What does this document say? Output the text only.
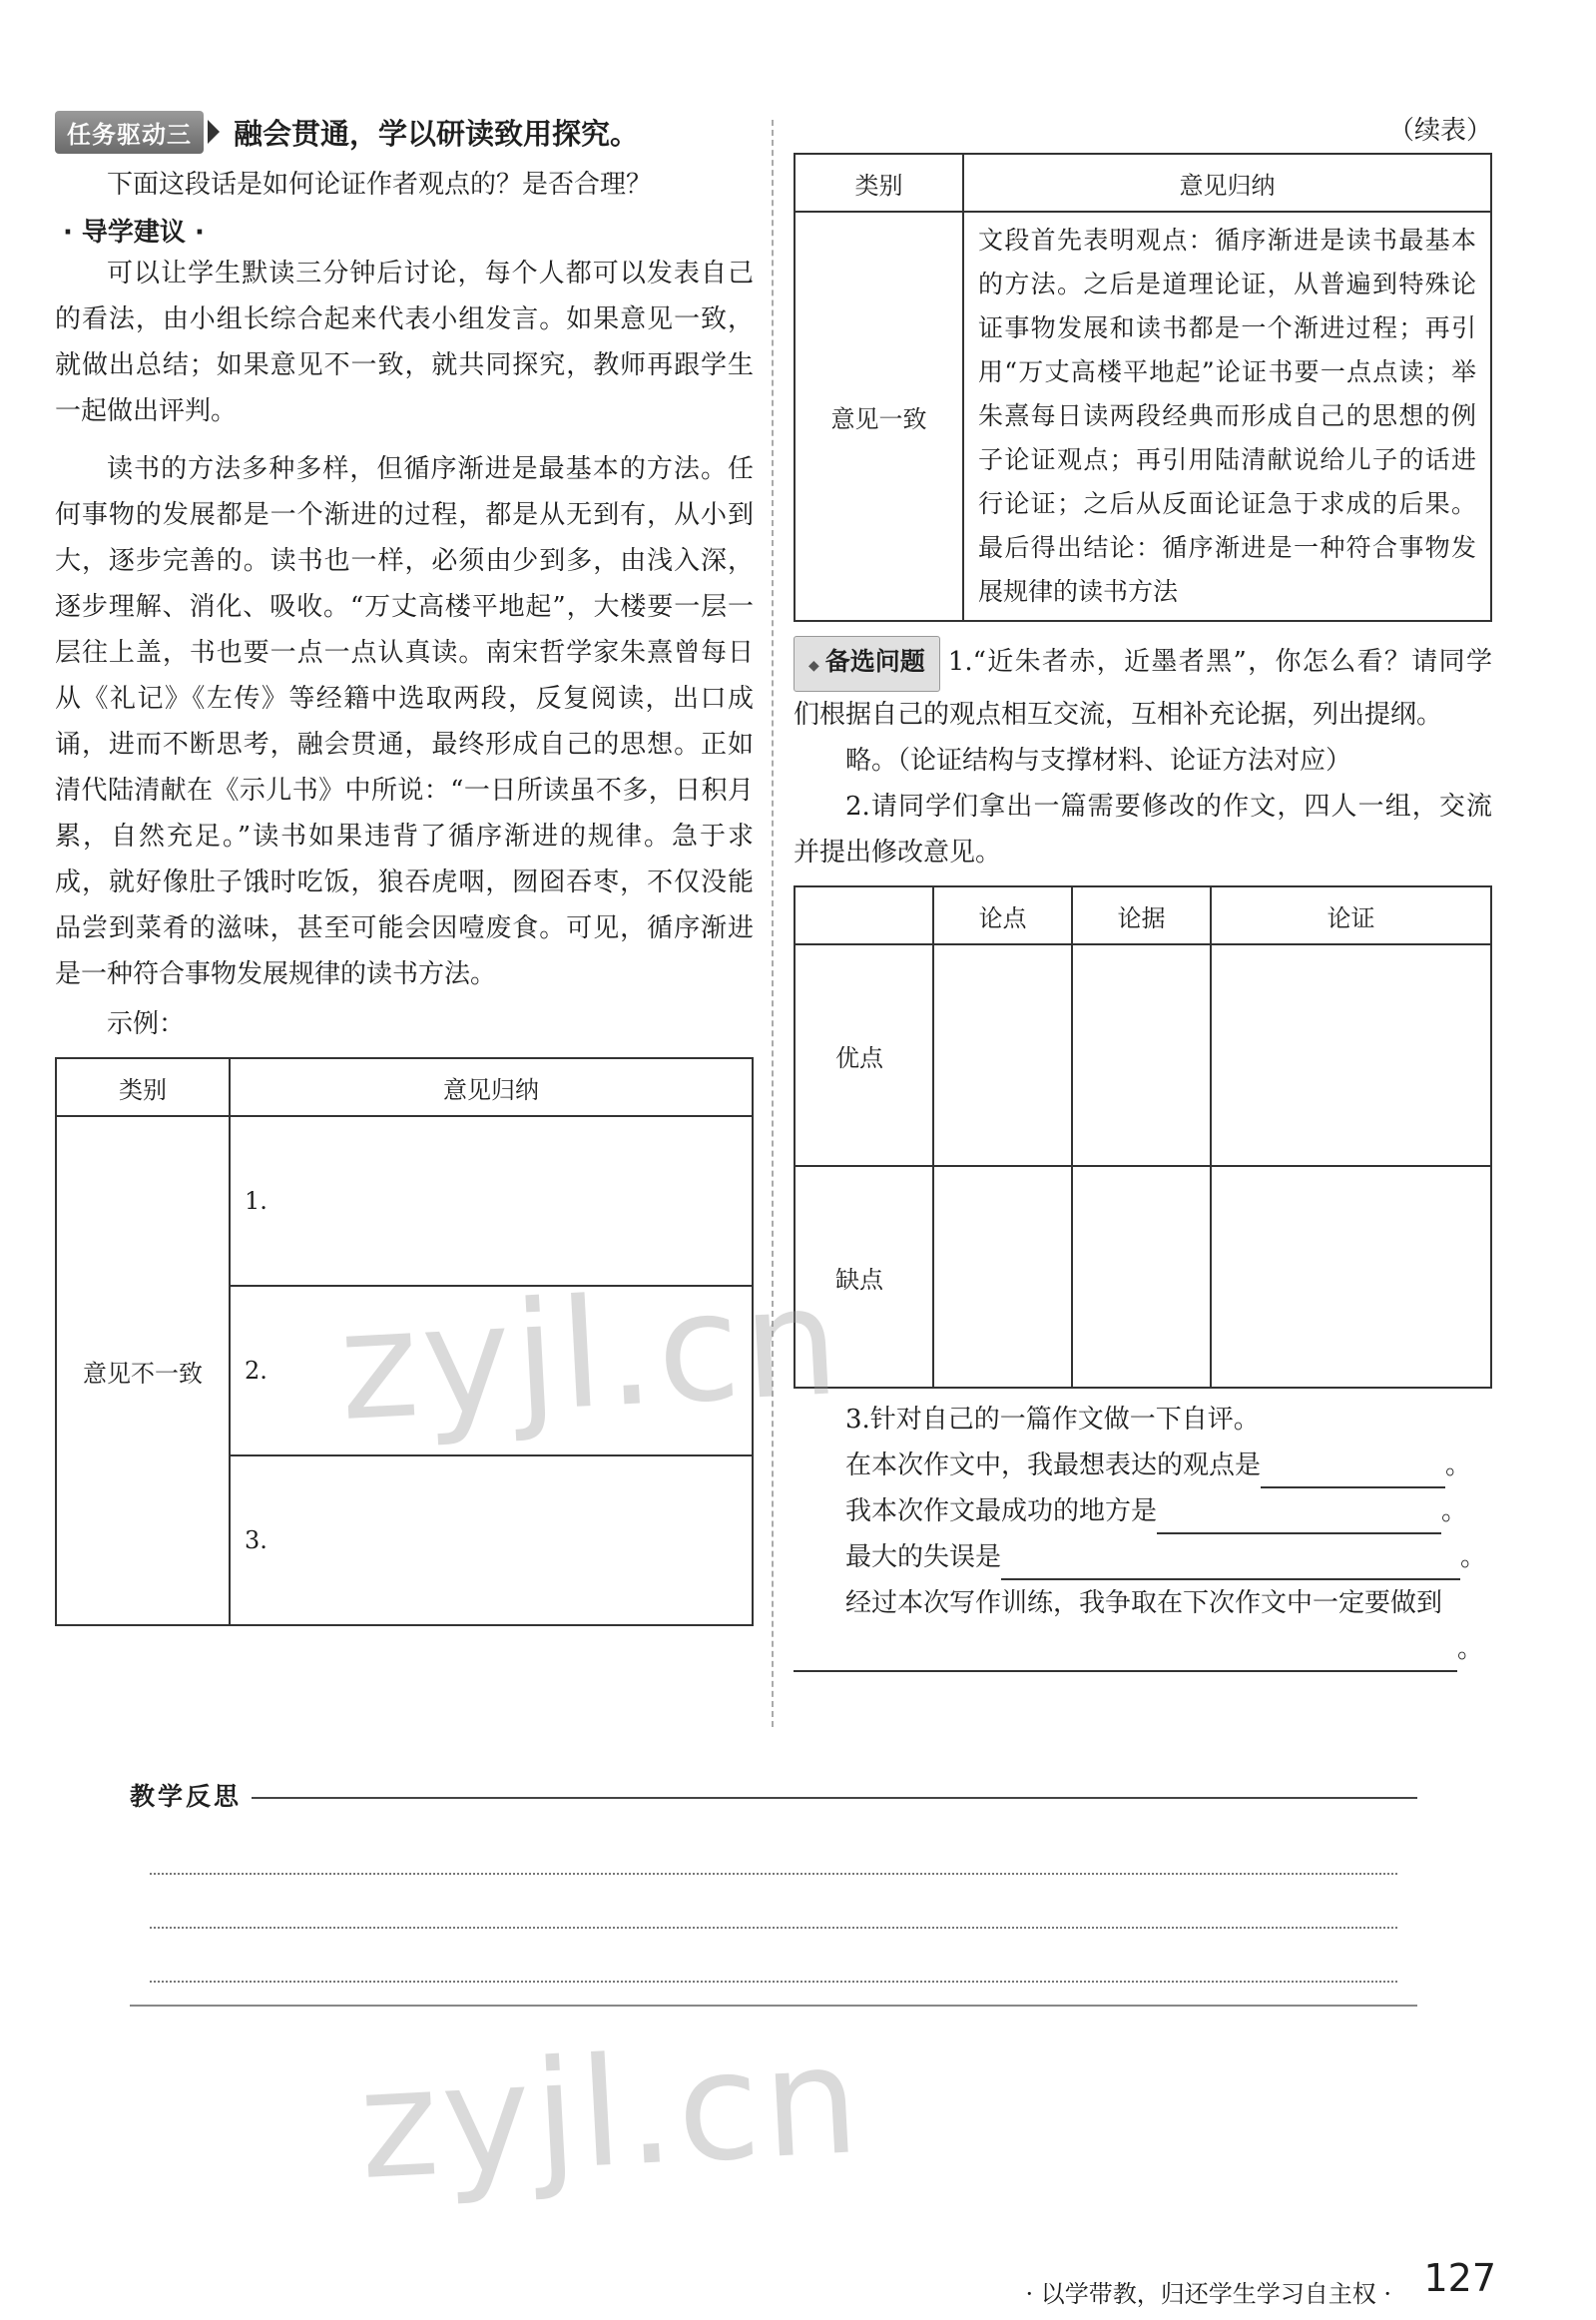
任务驱动三	融会贯通，学以研读致用探究。

下面这段话是如何论证作者观点的？是否合理？

· 导学建议 ·

可以让学生默读三分钟后讨论，每个人都可以发表自己的看法，由小组长综合起来代表小组发言。如果意见一致，就做出总结；如果意见不一致，就共同探究，教师再跟学生一起做出评判。

读书的方法多种多样，但循序渐进是最基本的方法。任何事物的发展都是一个渐进的过程，都是从无到有，从小到大，逐步完善的。读书也一样，必须由少到多，由浅入深，逐步理解、消化、吸收。“万丈高楼平地起”，大楼要一层一层往上盖，书也要一点一点认真读。南宋哲学家朱熹曾每日从《礼记》《左传》等经籍中选取两段，反复阅读，出口成诵，进而不断思考，融会贯通，最终形成自己的思想。正如清代陆清献在《示儿书》中所说：“一日所读虽不多，日积月累，自然充足。”读书如果违背了循序渐进的规律。急于求成，就好像肚子饿时吃饭，狼吞虎咽，囫囵吞枣，不仅没能品尝到菜肴的滋味，甚至可能会因噎废食。可见，循序渐进是一种符合事物发展规律的读书方法。

示例：

类别	意见归纳
意见不一致	1.
	2.
	3.
（续表）
类别	意见归纳
意见一致	文段首先表明观点：循序渐进是读书最基本的方法。之后是道理论证，从普遍到特殊论证事物发展和读书都是一个渐进过程；再引用“万丈高楼平地起”论证书要一点点读；举朱熹每日读两段经典而形成自己的思想的例子论证观点；再引用陆清献说给儿子的话进行论证；之后从反面论证急于求成的后果。最后得出结论：循序渐进是一种符合事物发展规律的读书方法

◆ 备选问题 1.“近朱者赤，近墨者黑”，你怎么看？请同学们根据自己的观点相互交流，互相补充论据，列出提纲。

略。（论证结构与支撑材料、论证方法对应）

2.请同学们拿出一篇需要修改的作文，四人一组，交流并提出修改意见。

	论点	论据	论证
优点			
缺点			

3.针对自己的一篇作文做一下自评。

在本次作文中，我最想表达的观点是	。

我本次作文最成功的地方是	。

最大的失误是	。

经过本次写作训练，我争取在下次作文中一定要做到

。

教学反思
zyjl.cn
zyjl.cn
· 以学带教，归还学生学习自主权 · 127
